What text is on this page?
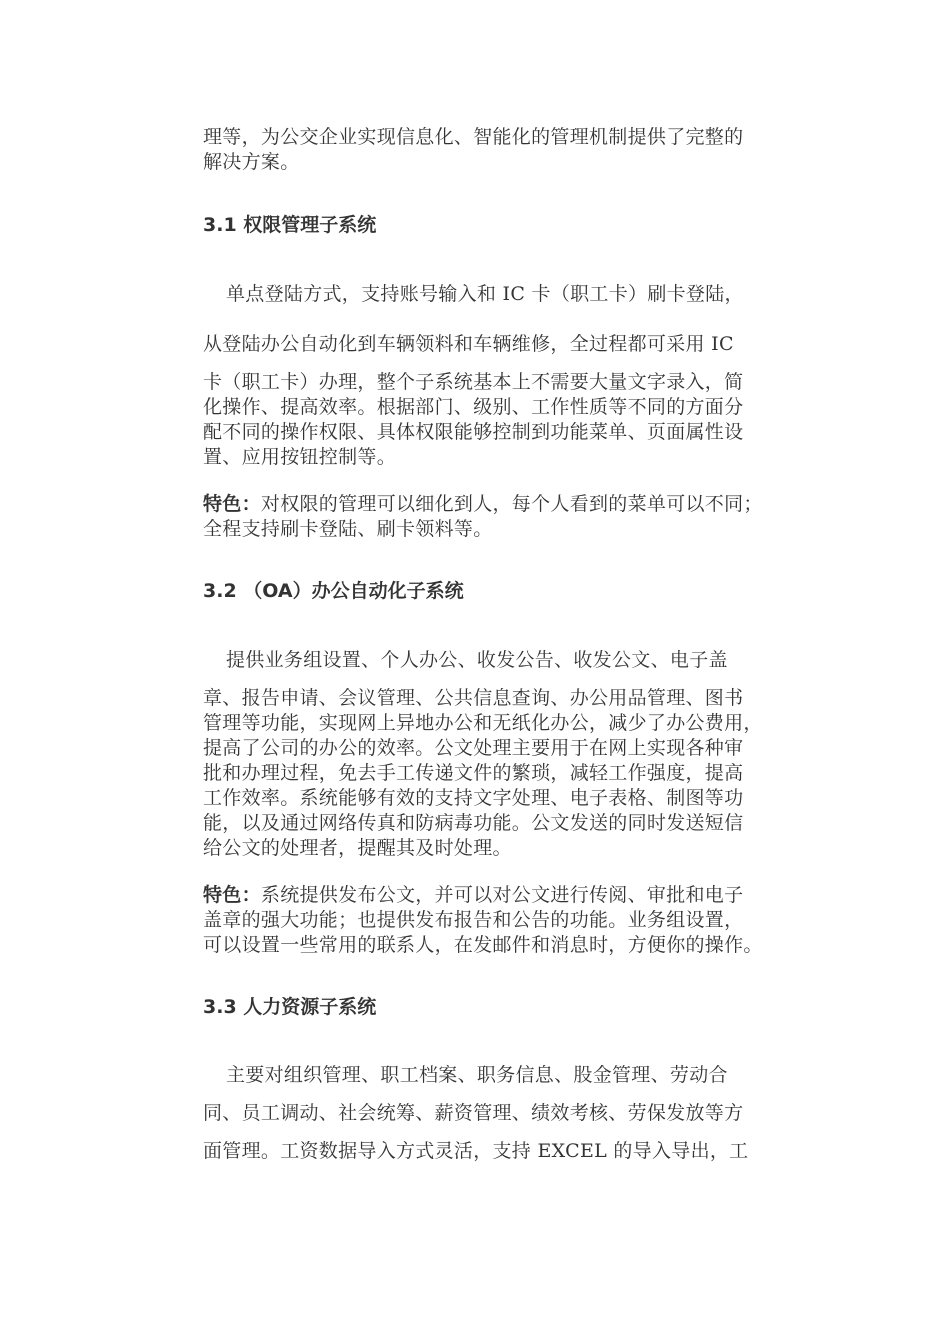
理等，为公交企业实现信息化、智能化的管理机制提供了完整的
解决方案。
3.1 权限管理子系统
单点登陆方式，支持账号输入和 IC 卡（职工卡）刷卡登陆，
从登陆办公自动化到车辆领料和车辆维修，全过程都可采用 IC
卡（职工卡）办理，整个子系统基本上不需要大量文字录入，简
化操作、提高效率。根据部门、级别、工作性质等不同的方面分
配不同的操作权限、具体权限能够控制到功能菜单、页面属性设
置、应用按钮控制等。
特色：对权限的管理可以细化到人，每个人看到的菜单可以不同；
全程支持刷卡登陆、刷卡领料等。
3.2 （OA）办公自动化子系统
提供业务组设置、个人办公、收发公告、收发公文、电子盖
章、报告申请、会议管理、公共信息查询、办公用品管理、图书
管理等功能，实现网上异地办公和无纸化办公，减少了办公费用，
提高了公司的办公的效率。公文处理主要用于在网上实现各种审
批和办理过程，免去手工传递文件的繁琐，减轻工作强度，提高
工作效率。系统能够有效的支持文字处理、电子表格、制图等功
能，以及通过网络传真和防病毒功能。公文发送的同时发送短信
给公文的处理者，提醒其及时处理。
特色：系统提供发布公文，并可以对公文进行传阅、审批和电子
盖章的强大功能；也提供发布报告和公告的功能。业务组设置，
可以设置一些常用的联系人，在发邮件和消息时，方便你的操作。
3.3 人力资源子系统
主要对组织管理、职工档案、职务信息、股金管理、劳动合
同、员工调动、社会统筹、薪资管理、绩效考核、劳保发放等方
面管理。工资数据导入方式灵活，支持 EXCEL 的导入导出，工
